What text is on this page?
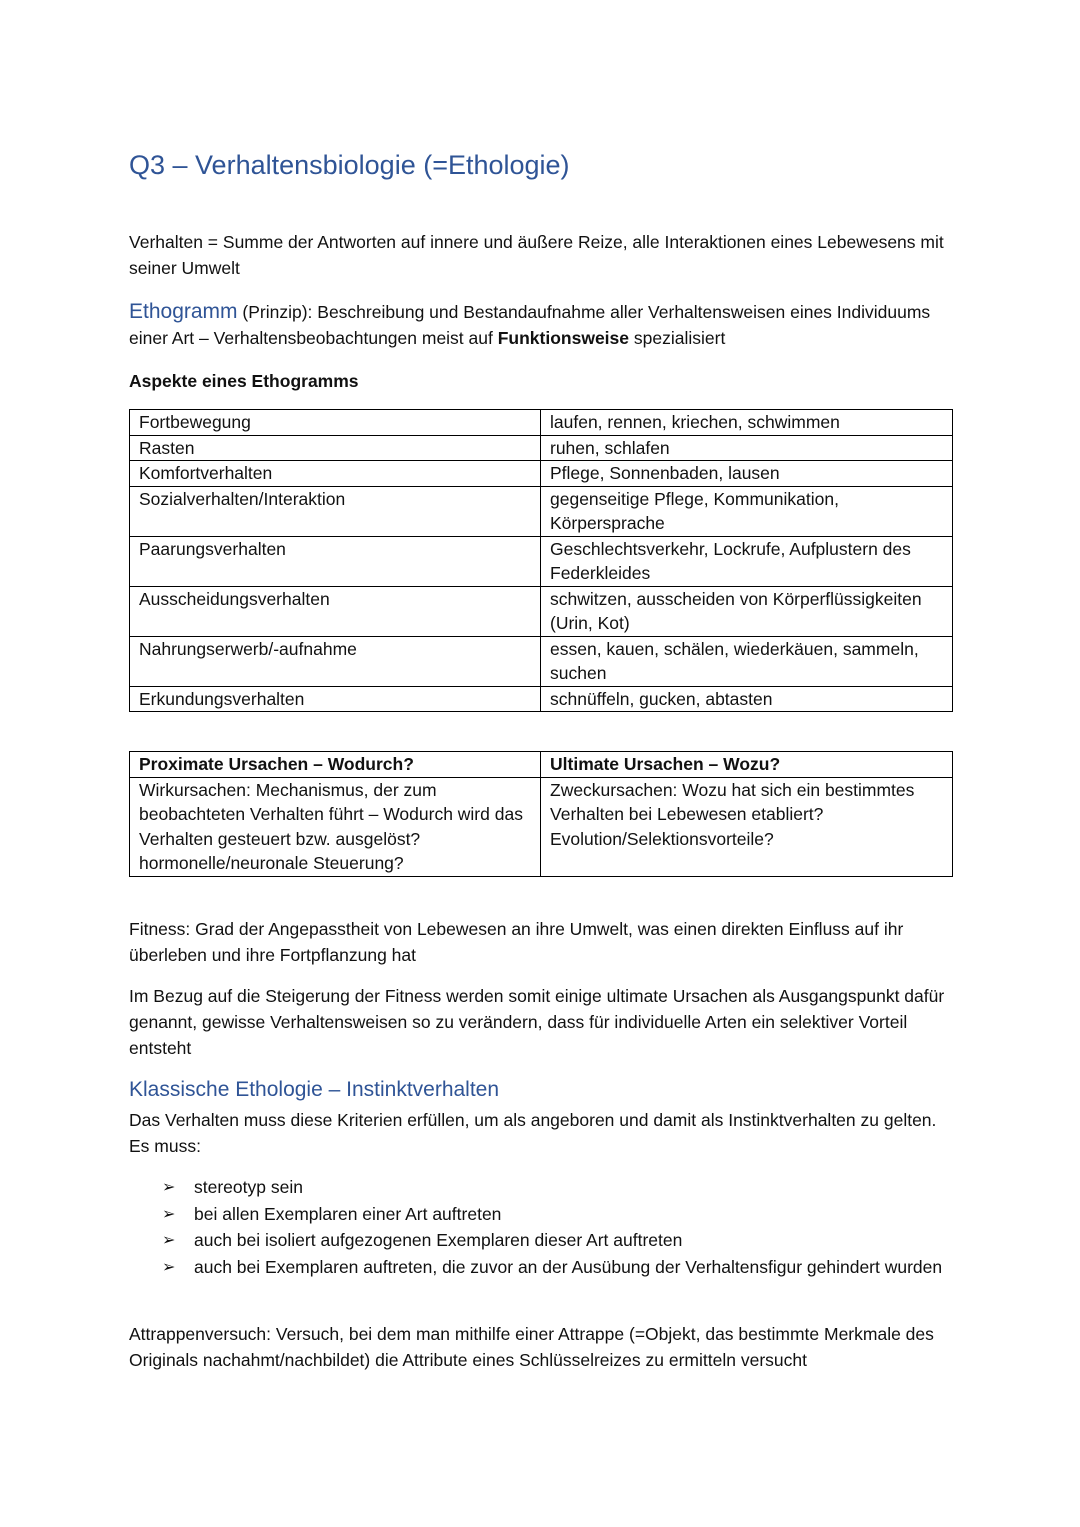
Q3 – Verhaltensbiologie (=Ethologie)
Verhalten = Summe der Antworten auf innere und äußere Reize, alle Interaktionen eines Lebewesens mit seiner Umwelt
Ethogramm (Prinzip): Beschreibung und Bestandaufnahme aller Verhaltensweisen eines Individuums einer Art – Verhaltensbeobachtungen meist auf Funktionsweise spezialisiert
Aspekte eines Ethogramms
Fortbewegung	laufen, rennen, kriechen, schwimmen
Rasten	ruhen, schlafen
Komfortverhalten	Pflege, Sonnenbaden, lausen
Sozialverhalten/Interaktion	gegenseitige Pflege, Kommunikation, Körpersprache
Paarungsverhalten	Geschlechtsverkehr, Lockrufe, Aufplustern des Federkleides
Ausscheidungsverhalten	schwitzen, ausscheiden von Körperflüssigkeiten (Urin, Kot)
Nahrungserwerb/-aufnahme	essen, kauen, schälen, wiederkäuen, sammeln, suchen
Erkundungsverhalten	schnüffeln, gucken, abtasten
Proximate Ursachen – Wodurch?	Ultimate Ursachen – Wozu?
Wirkursachen: Mechanismus, der zum beobachteten Verhalten führt – Wodurch wird das Verhalten gesteuert bzw. ausgelöst? hormonelle/neuronale Steuerung?	Zweckursachen: Wozu hat sich ein bestimmtes Verhalten bei Lebewesen etabliert? Evolution/Selektionsvorteile?
Fitness: Grad der Angepasstheit von Lebewesen an ihre Umwelt, was einen direkten Einfluss auf ihr überleben und ihre Fortpflanzung hat
Im Bezug auf die Steigerung der Fitness werden somit einige ultimate Ursachen als Ausgangspunkt dafür genannt, gewisse Verhaltensweisen so zu verändern, dass für individuelle Arten ein selektiver Vorteil entsteht
Klassische Ethologie – Instinktverhalten
Das Verhalten muss diese Kriterien erfüllen, um als angeboren und damit als Instinktverhalten zu gelten. Es muss:
➢	stereotyp sein
➢	bei allen Exemplaren einer Art auftreten
➢	auch bei isoliert aufgezogenen Exemplaren dieser Art auftreten
➢	auch bei Exemplaren auftreten, die zuvor an der Ausübung der Verhaltensfigur gehindert wurden
Attrappenversuch: Versuch, bei dem man mithilfe einer Attrappe (=Objekt, das bestimmte Merkmale des Originals nachahmt/nachbildet) die Attribute eines Schlüsselreizes zu ermitteln versucht
